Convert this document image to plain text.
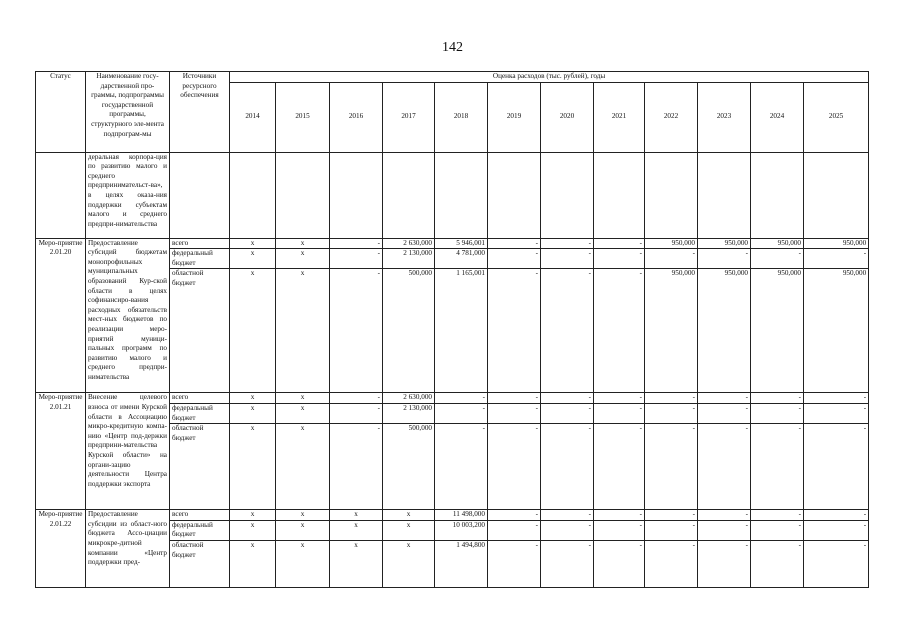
142
Статус	Наименование госу-дарственной про-граммы, подпрограммы государственной программы, структурного эле-мента подпрограм-мы	Источники ресурсного обеспечения	Оценка расходов (тыс. рублей), годы											
			2014	2015	2016	2017	2018	2019	2020	2021	2022	2023	2024	2025
	деральная корпора-ция по развитию малого и среднего предпринимательст-ва», в целях оказа-ния поддержки субъектам малого и среднего предпри-нимательства													
Меро-приятие 2.01.20	Предоставление субсидий бюджетам монопрофильных муниципальных образований Кур-ской области в целях софинансиро-вания расходных обязательств мест-ных бюджетов по реализации меро-приятий муници-пальных программ по развитию малого и среднего предпри-нимательства	всего	x	x	-	2 630,000	5 946,001	-	-	-	950,000	950,000	950,000	950,000
		федеральный бюджет	x	x	-	2 130,000	4 781,000	-	-	-	-	-	-	-
		областной бюджет	x	x	-	500,000	1 165,001	-	-	-	950,000	950,000	950,000	950,000
Меро-приятие 2.01.21	Внесение целевого взноса от имени Курской области в Ассоциацию микро-кредитную компа-нию «Центр под-держки предприни-мательства Курской области» на органи-зацию деятельности Центра поддержки экспорта	всего	x	x	-	2 630,000	-	-	-	-	-	-	-	-
		федеральный бюджет	x	x	-	2 130,000	-	-	-	-	-	-	-	-
		областной бюджет	x	x	-	500,000	-	-	-	-	-	-	-	-
Меро-приятие 2.01.22	Предоставление субсидии из област-ного бюджета Ассо-циации микрокре-дитной компании «Центр поддержки пред-	всего	x	x	x	x	11 498,000	-	-	-	-	-	-	-
		федеральный бюджет	x	x	x	x	10 003,200	-	-	-	-	-	-	-
		областной бюджет	x	x	x	x	1 494,800	-	-	-	-	-	-	-
